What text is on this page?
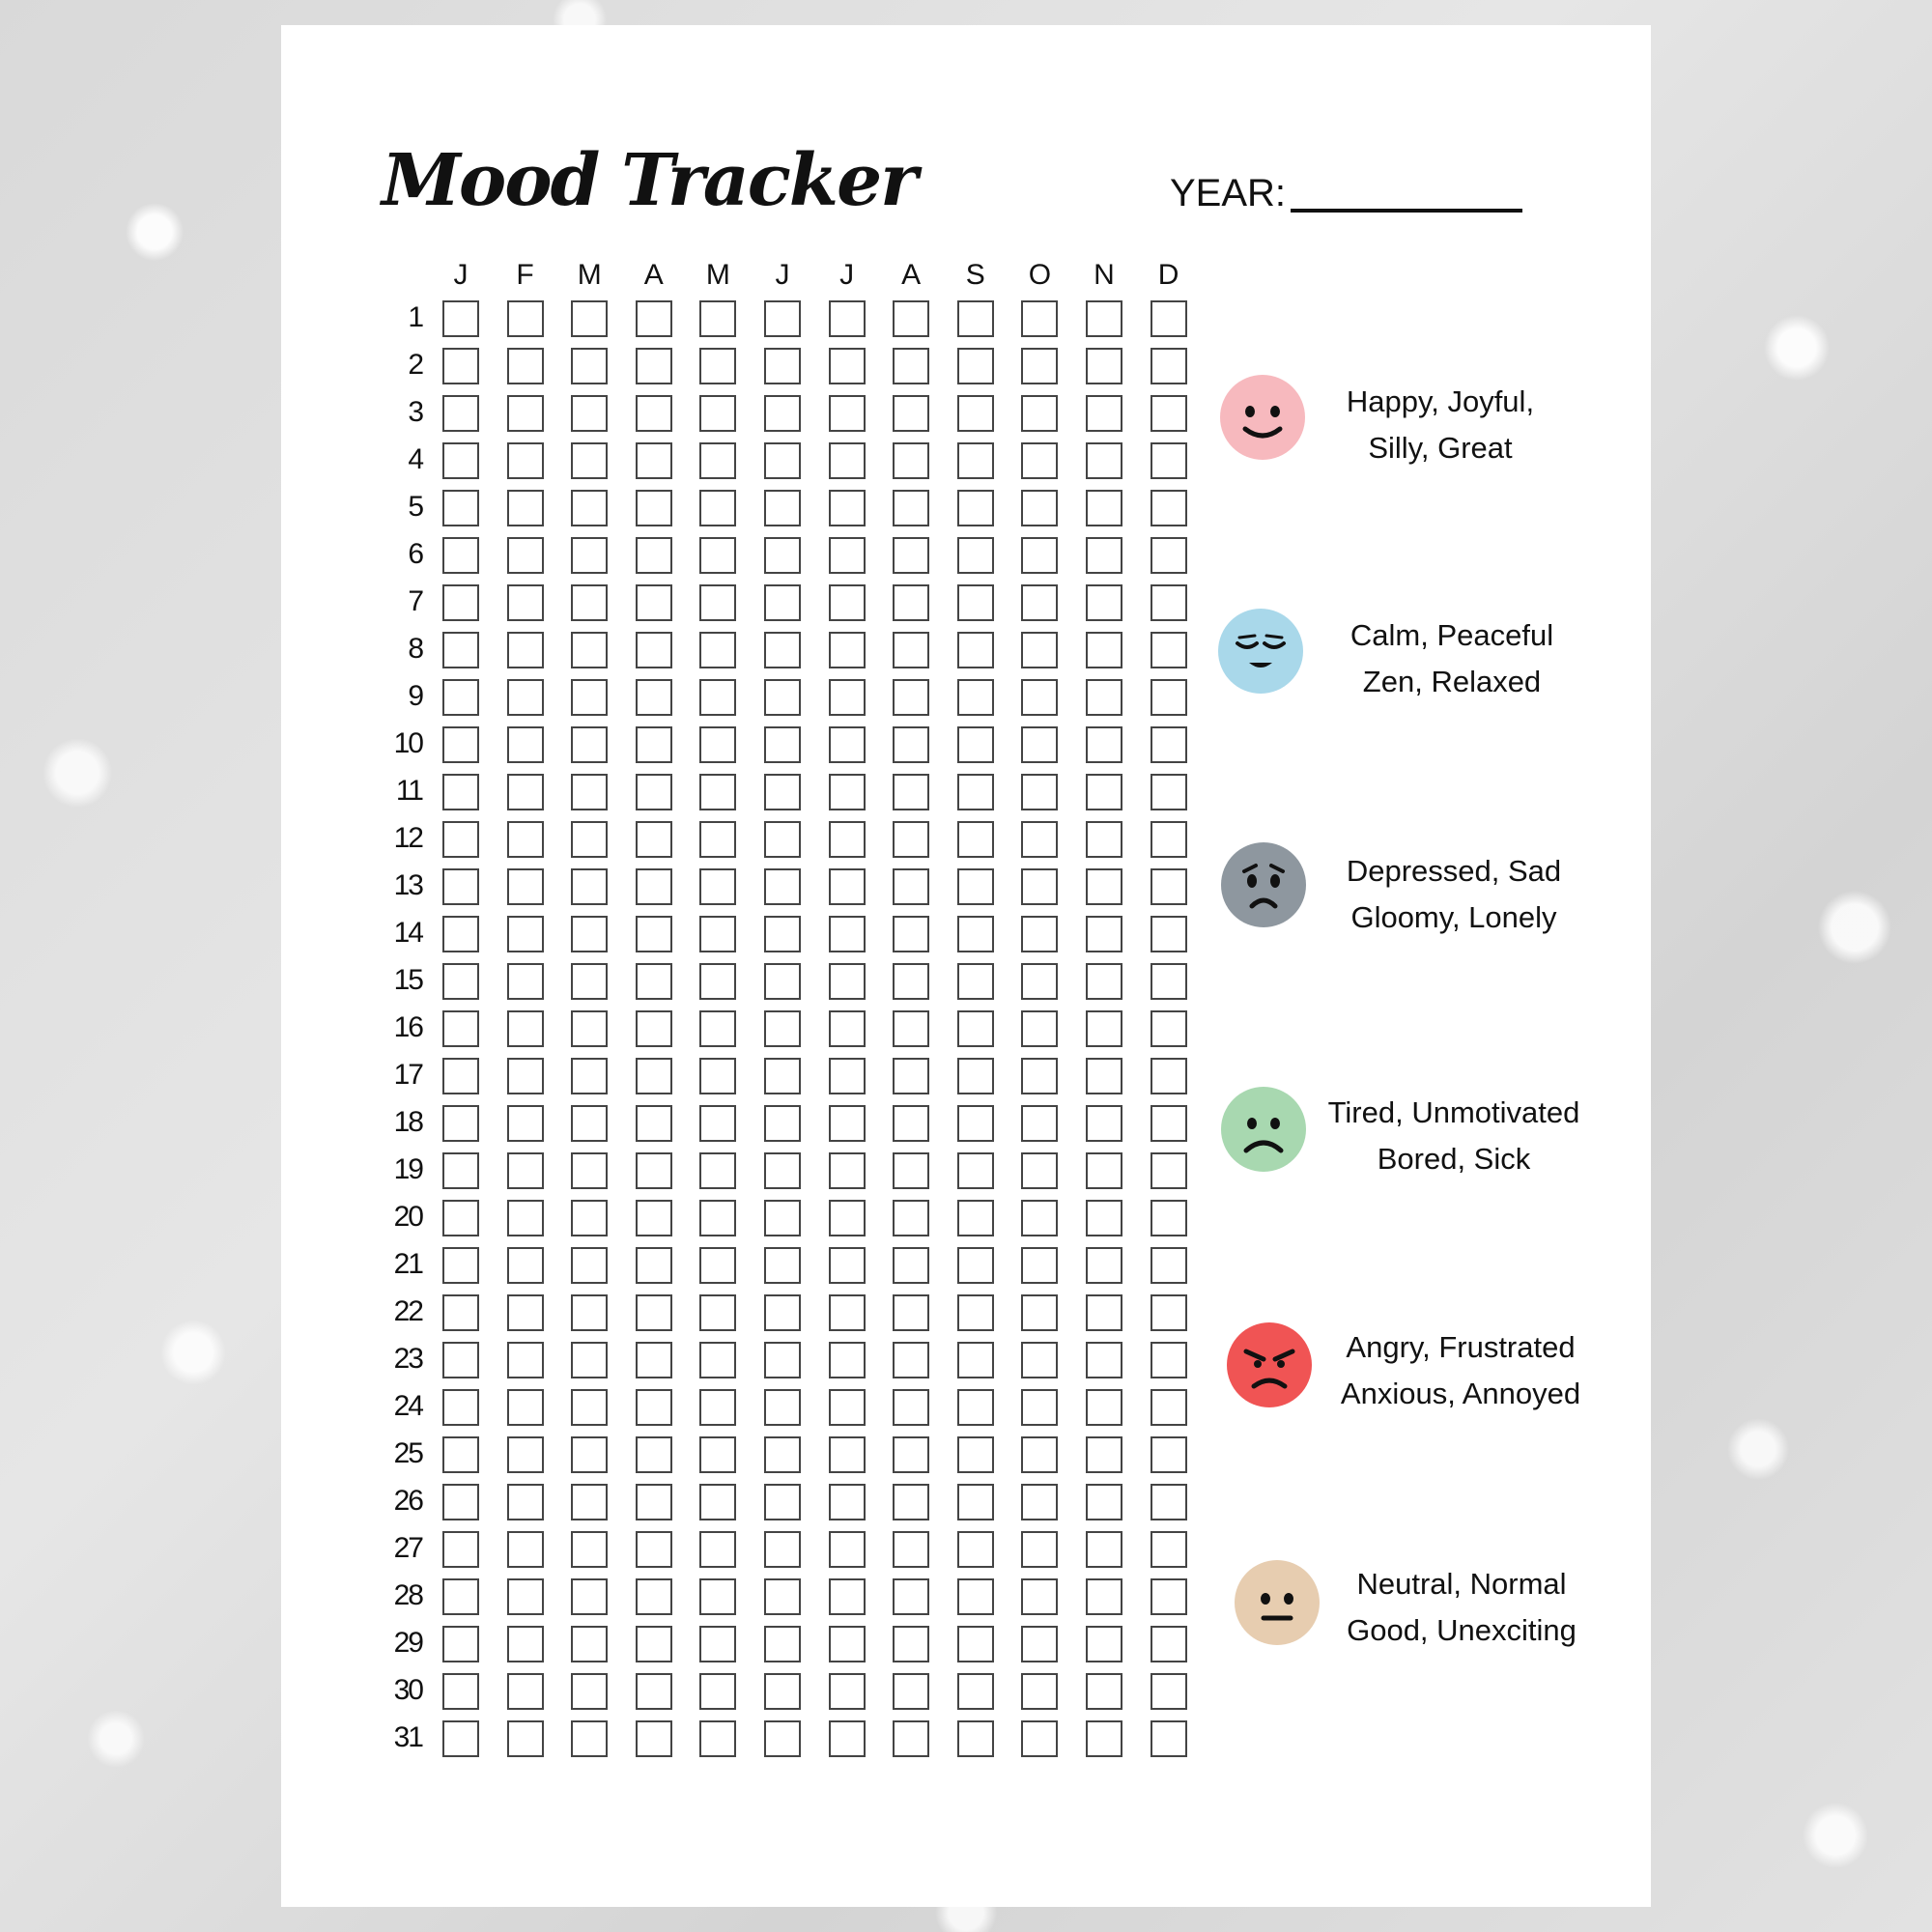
Mood Tracker	YEAR:
J	F	M	A	M	J	J	A	S	O	N	D
1
2
3
4
5
6
7
8
9
10
11
12
13
14
15
16
17
18
19
20
21
22
23
24
25
26
27
28
29
30
31
Happy, Joyful,
Silly, Great
Calm, Peaceful
Zen, Relaxed
Depressed, Sad
Gloomy, Lonely
Tired, Unmotivated
Bored, Sick
Angry, Frustrated
Anxious, Annoyed
Neutral, Normal
Good, Unexciting
